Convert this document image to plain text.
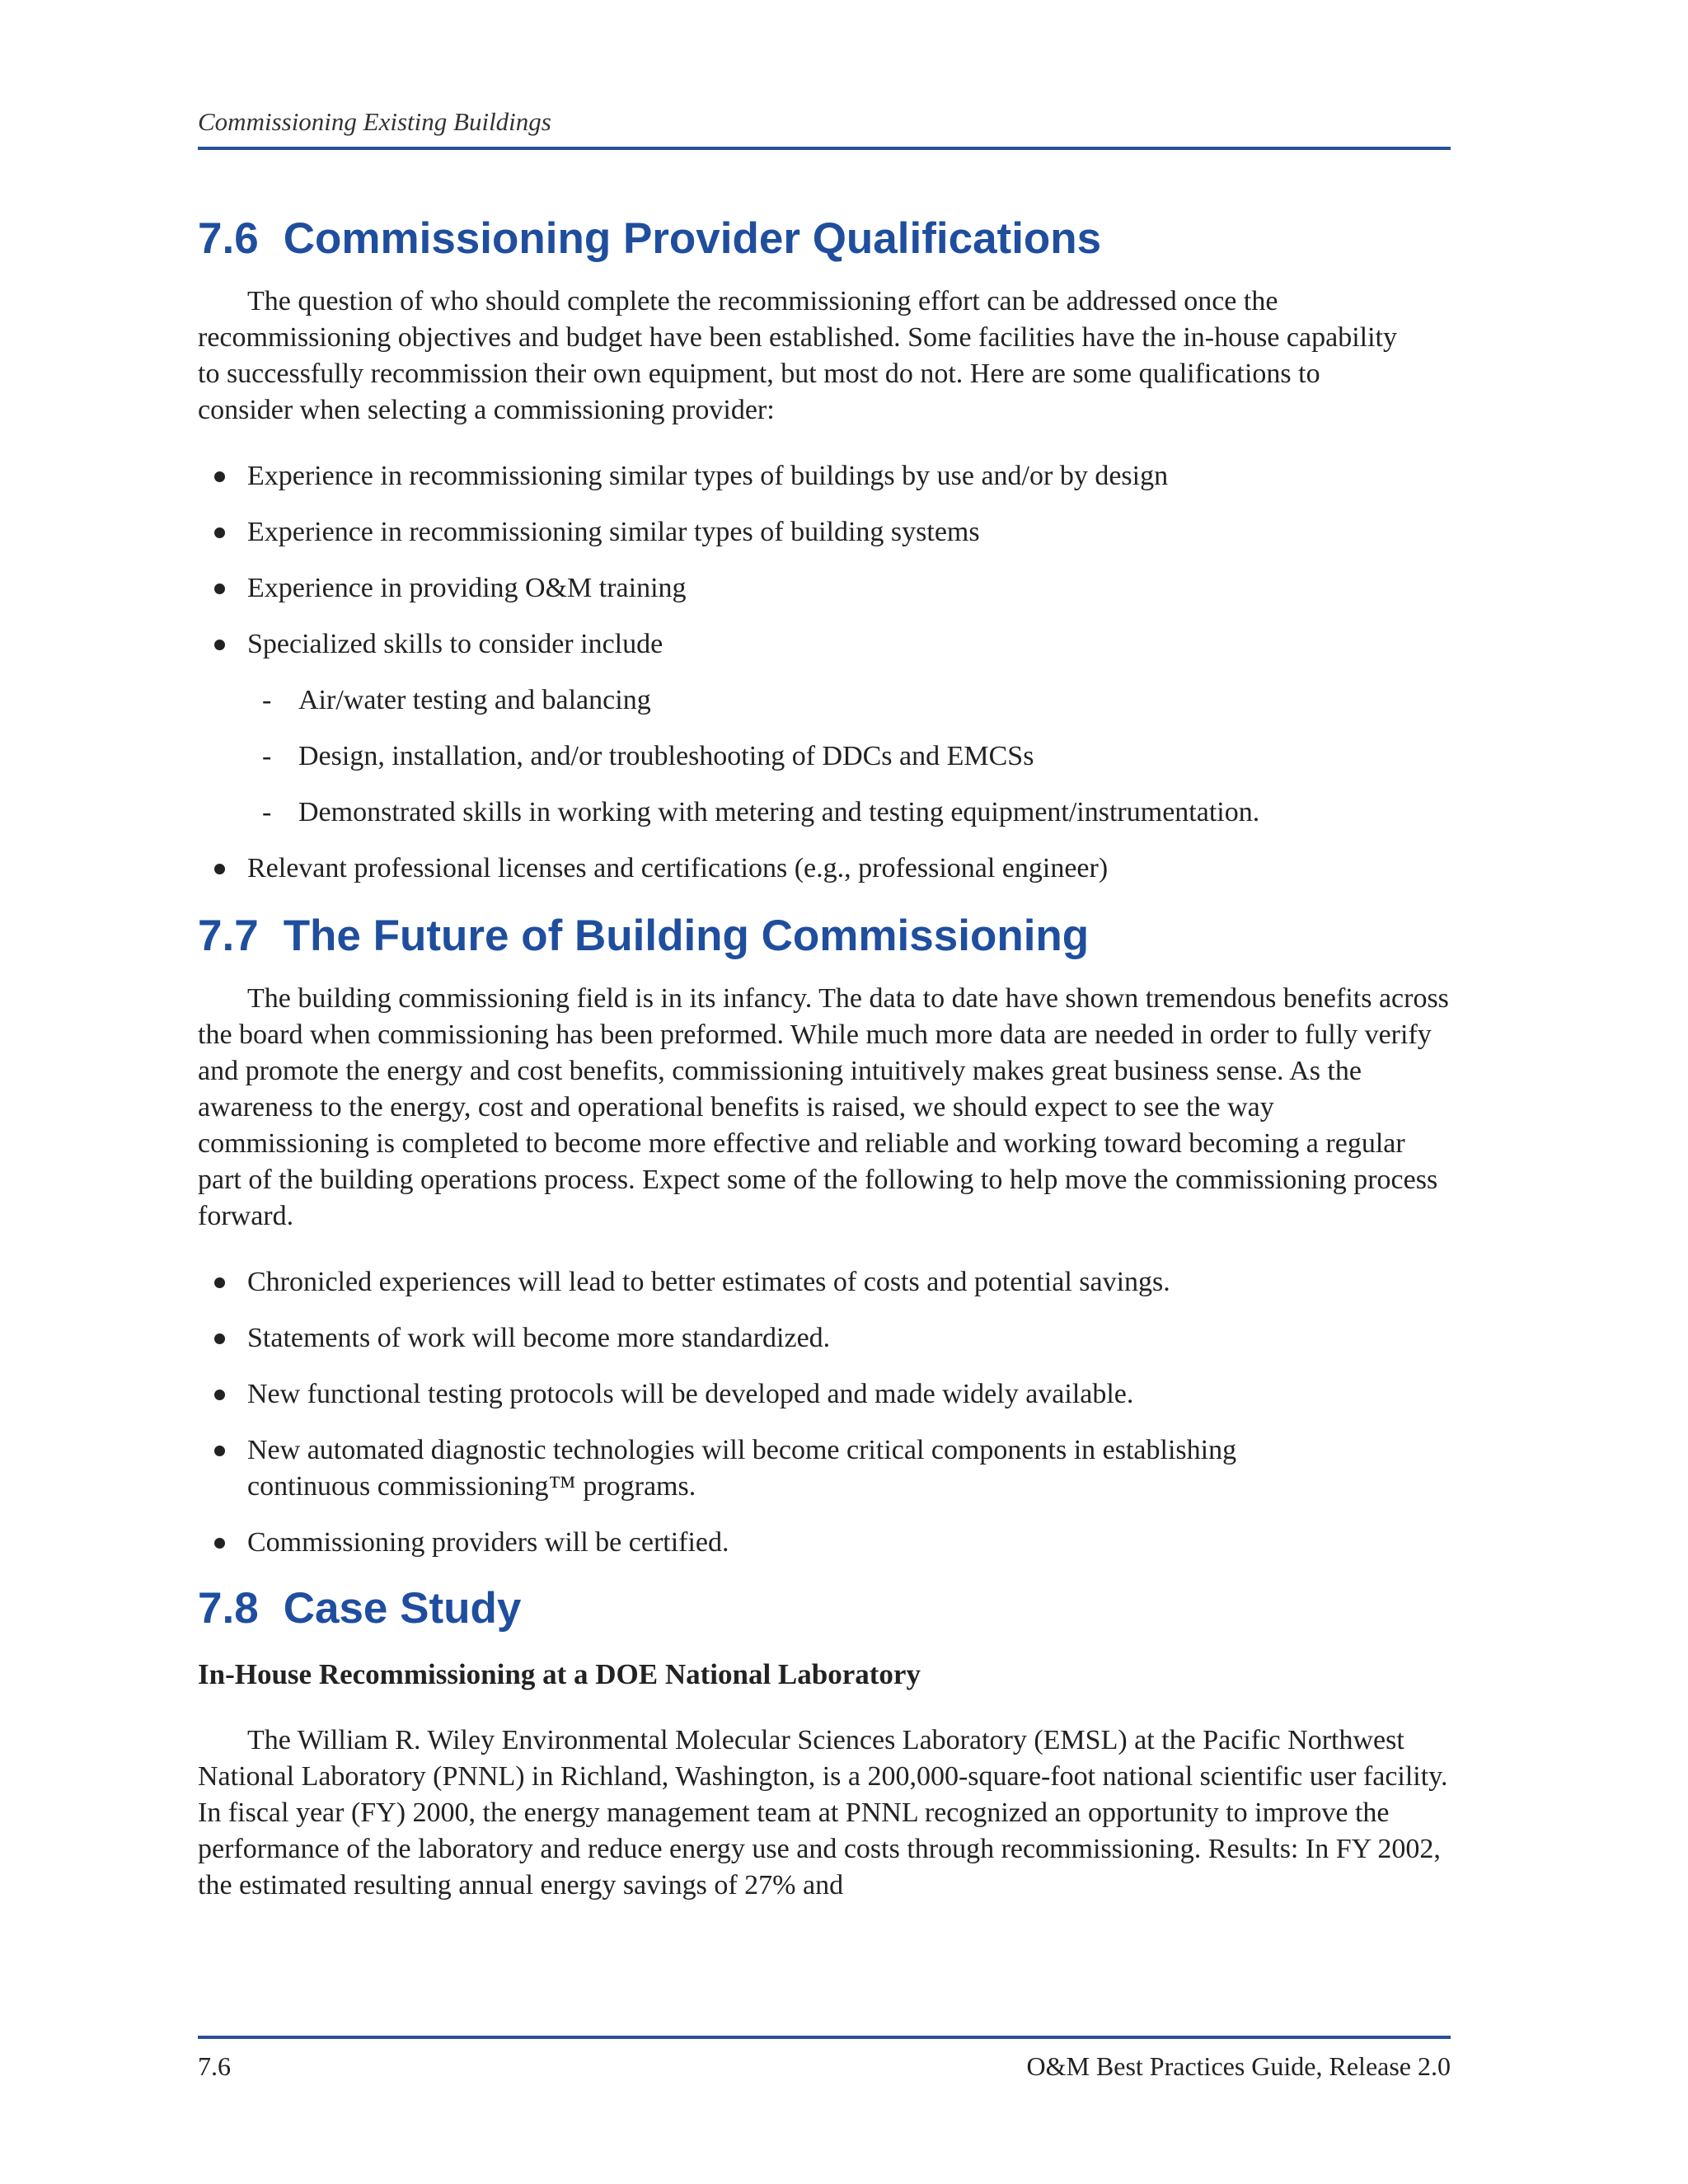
Commissioning Existing Buildings
7.6 Commissioning Provider Qualifications

The question of who should complete the recommissioning effort can be addressed once the recommissioning objectives and budget have been established. Some facilities have the in-house capability to successfully recommission their own equipment, but most do not. Here are some qualifications to consider when selecting a commissioning provider:

Experience in recommissioning similar types of buildings by use and/or by design
Experience in recommissioning similar types of building systems
Experience in providing O&M training
Specialized skills to consider include
- Air/water testing and balancing
- Design, installation, and/or troubleshooting of DDCs and EMCSs
- Demonstrated skills in working with metering and testing equipment/instrumentation.
Relevant professional licenses and certifications (e.g., professional engineer)
7.7 The Future of Building Commissioning

The building commissioning field is in its infancy. The data to date have shown tremendous benefits across the board when commissioning has been preformed. While much more data are needed in order to fully verify and promote the energy and cost benefits, commissioning intuitively makes great business sense. As the awareness to the energy, cost and operational benefits is raised, we should expect to see the way commissioning is completed to become more effective and reliable and working toward becoming a regular part of the building operations process. Expect some of the following to help move the commissioning process forward.

Chronicled experiences will lead to better estimates of costs and potential savings.
Statements of work will become more standardized.
New functional testing protocols will be developed and made widely available.
New automated diagnostic technologies will become critical components in establishing continuous commissioning™ programs.
Commissioning providers will be certified.
7.8 Case Study
In-House Recommissioning at a DOE National Laboratory

The William R. Wiley Environmental Molecular Sciences Laboratory (EMSL) at the Pacific Northwest National Laboratory (PNNL) in Richland, Washington, is a 200,000-square-foot national scientific user facility. In fiscal year (FY) 2000, the energy management team at PNNL recognized an opportunity to improve the performance of the laboratory and reduce energy use and costs through recommissioning. Results: In FY 2002, the estimated resulting annual energy savings of 27% and

7.6	O&M Best Practices Guide, Release 2.0
